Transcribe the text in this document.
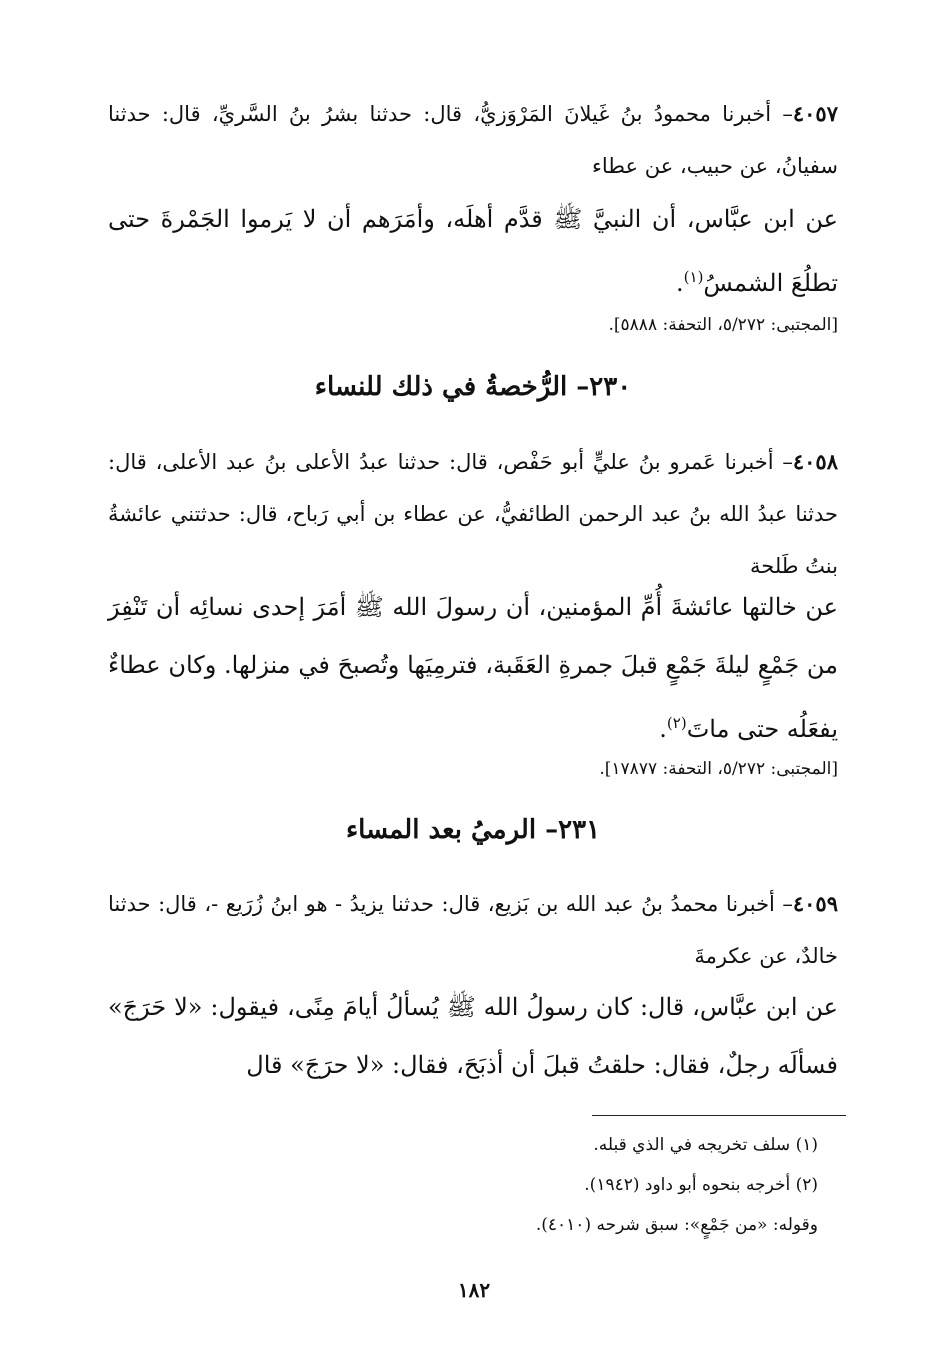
٤٠٥٧– أخبرنا محمودُ بنُ غَيلانَ المَرْوَزيُّ، قال: حدثنا بشرُ بنُ السَّريِّ، قال: حدثنا سفيانُ، عن حبيب، عن عطاء
عن ابن عبَّاس، أن النبيَّ ﷺ قدَّم أهلَه، وأمَرَهم أن لا يَرموا الجَمْرةَ حتى تطلُعَ الشمسُ$^{(١)}$.
[المجتبى: ٥/٢٧٢، التحفة: ٥٨٨٨].
٢٣٠– الرُّخصةُ في ذلك للنساء
٤٠٥٨– أخبرنا عَمرو بنُ عليٍّ أبو حَفْص، قال: حدثنا عبدُ الأعلى بنُ عبد الأعلى، قال: حدثنا عبدُ الله بنُ عبد الرحمن الطائفيُّ، عن عطاء بن أبي رَباح، قال: حدثتني عائشةُ بنتُ طَلحة
عن خالتها عائشةَ أُمِّ المؤمنين، أن رسولَ الله ﷺ أمَرَ إحدى نسائِه أن تَنْفِرَ من جَمْعٍ ليلةَ جَمْعٍ قبلَ جمرةِ العَقَبة، فترمِيَها وتُصبحَ في منزلها. وكان عطاءٌ يفعَلُه حتى ماتَ$^{(٢)}$.
[المجتبى: ٥/٢٧٢، التحفة: ١٧٨٧٧].
٢٣١– الرميُ بعد المساء
٤٠٥٩– أخبرنا محمدُ بنُ عبد الله بن بَزيع، قال: حدثنا يزيدُ - هو ابنُ زُرَيع -، قال: حدثنا خالدٌ، عن عكرمةَ
عن ابن عبَّاس، قال: كان رسولُ الله ﷺ يُسألُ أيامَ مِنًى، فيقول: «لا حَرَجَ» فسألَه رجلٌ، فقال: حلقتُ قبلَ أن أذبَحَ، فقال: «لا حرَجَ» قال
(١) سلف تخريجه في الذي قبله.
(٢) أخرجه بنحوه أبو داود (١٩٤٢).
وقوله: «من جَمْعٍ»: سبق شرحه (٤٠١٠).
١٨٢
